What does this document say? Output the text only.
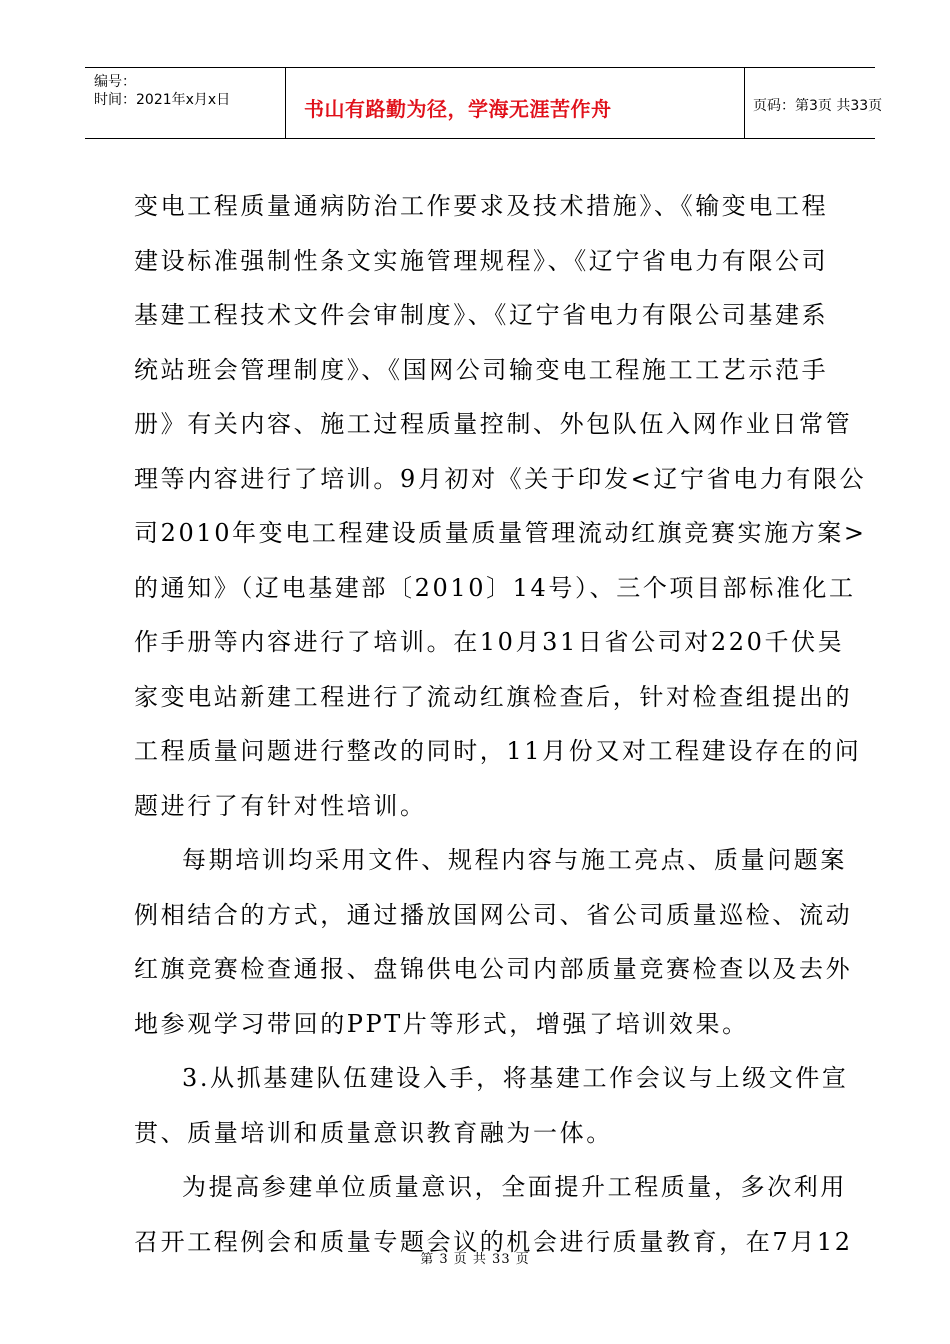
编号：
时间：2021年x月x日	书山有路勤为径，学海无涯苦作舟	页码：第3页 共33页
变电工程质量通病防治工作要求及技术措施》、《输变电工程
建设标准强制性条文实施管理规程》、《辽宁省电力有限公司
基建工程技术文件会审制度》、《辽宁省电力有限公司基建系
统站班会管理制度》、《国网公司输变电工程施工工艺示范手
册》有关内容、施工过程质量控制、外包队伍入网作业日常管
理等内容进行了培训。9月初对《关于印发<辽宁省电力有限公
司2010年变电工程建设质量质量管理流动红旗竞赛实施方案>
的通知》（辽电基建部〔2010〕14号）、三个项目部标准化工
作手册等内容进行了培训。在10月31日省公司对220千伏吴
家变电站新建工程进行了流动红旗检查后，针对检查组提出的
工程质量问题进行整改的同时，11月份又对工程建设存在的问
题进行了有针对性培训。
每期培训均采用文件、规程内容与施工亮点、质量问题案
例相结合的方式，通过播放国网公司、省公司质量巡检、流动
红旗竞赛检查通报、盘锦供电公司内部质量竞赛检查以及去外
地参观学习带回的PPT片等形式，增强了培训效果。
3.从抓基建队伍建设入手，将基建工作会议与上级文件宣
贯、质量培训和质量意识教育融为一体。
为提高参建单位质量意识，全面提升工程质量，多次利用
召开工程例会和质量专题会议的机会进行质量教育，在7月12
第 3 页 共 33 页
